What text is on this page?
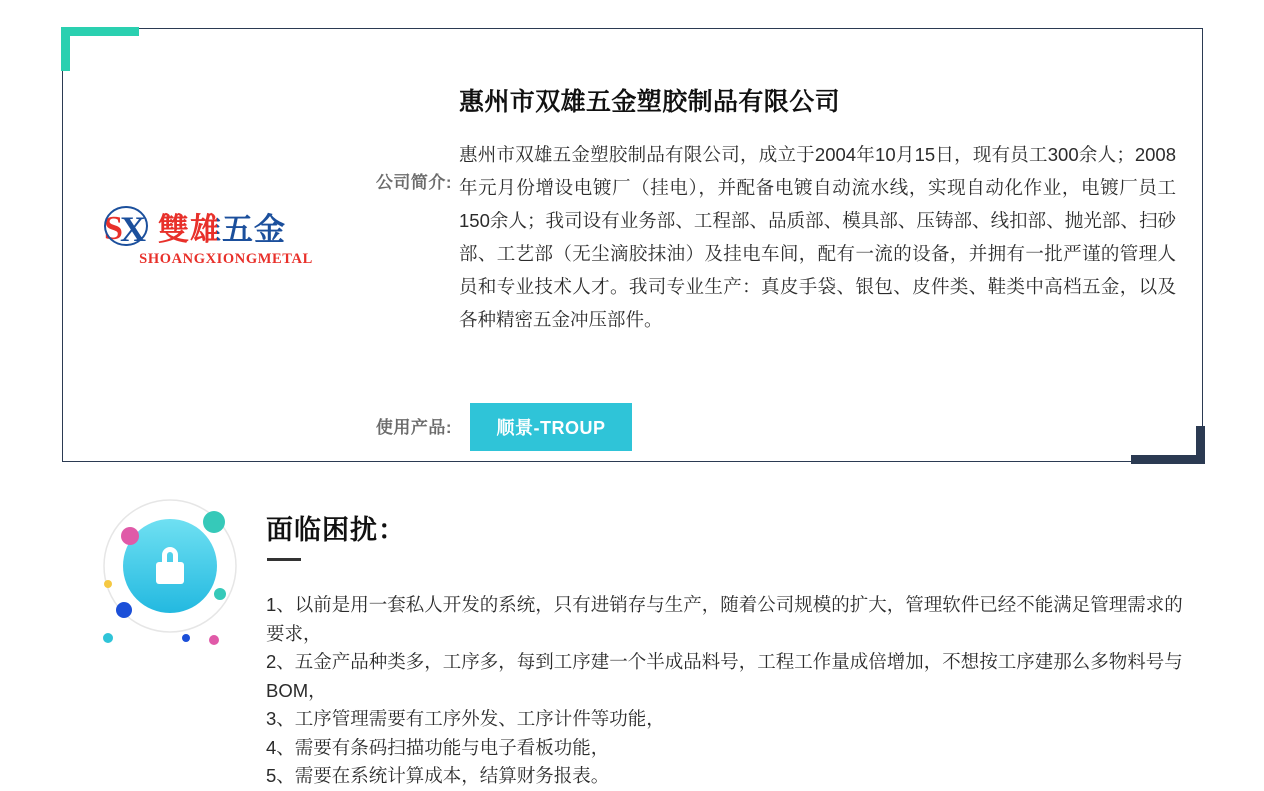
S
X 雙雄五金
SHOANGXIONGMETAL
公司简介:
惠州市双雄五金塑胶制品有限公司
惠州市双雄五金塑胶制品有限公司，成立于2004年10月15日，现有员工300余人；2008年元月份增设电镀厂（挂电），并配备电镀自动流水线，实现自动化作业，电镀厂员工150余人；我司设有业务部、工程部、品质部、模具部、压铸部、线扣部、抛光部、扫砂部、工艺部（无尘滴胶抹油）及挂电车间，配有一流的设备，并拥有一批严谨的管理人员和专业技术人才。我司专业生产：真皮手袋、银包、皮件类、鞋类中高档五金，以及各种精密五金冲压部件。
使用产品:	顺景-TROUP
面临困扰：

1、以前是用一套私人开发的系统，只有进销存与生产，随着公司规模的扩大，管理软件已经不能满足管理需求的要求，

2、五金产品种类多，工序多，每到工序建一个半成品料号，工程工作量成倍增加，不想按工序建那么多物料号与BOM，

3、工序管理需要有工序外发、工序计件等功能，

4、需要有条码扫描功能与电子看板功能，

5、需要在系统计算成本，结算财务报表。
